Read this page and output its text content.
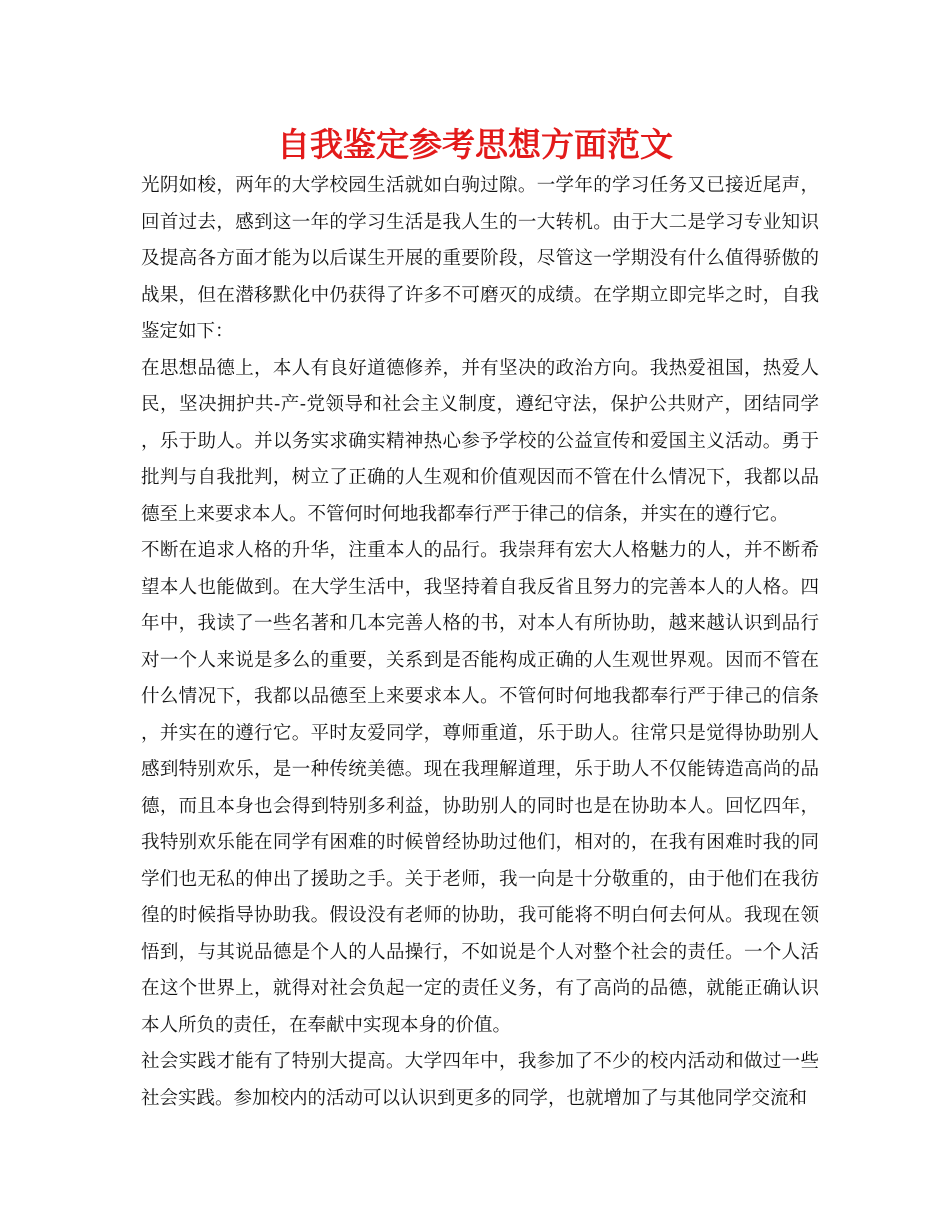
自我鉴定参考思想方面范文

光阴如梭，两年的大学校园生活就如白驹过隙。一学年的学习任务又已接近尾声，回首过去，感到这一年的学习生活是我人生的一大转机。由于大二是学习专业知识及提高各方面才能为以后谋生开展的重要阶段，尽管这一学期没有什么值得骄傲的战果，但在潜移默化中仍获得了许多不可磨灭的成绩。在学期立即完毕之时，自我鉴定如下：

在思想品德上，本人有良好道德修养，并有坚决的政治方向。我热爱祖国，热爱人民，坚决拥护共-产-党领导和社会主义制度，遵纪守法，保护公共财产，团结同学，乐于助人。并以务实求确实精神热心参予学校的公益宣传和爱国主义活动。勇于批判与自我批判，树立了正确的人生观和价值观因而不管在什么情况下，我都以品德至上来要求本人。不管何时何地我都奉行严于律己的信条，并实在的遵行它。

不断在追求人格的升华，注重本人的品行。我崇拜有宏大人格魅力的人，并不断希望本人也能做到。在大学生活中，我坚持着自我反省且努力的完善本人的人格。四年中，我读了一些名著和几本完善人格的书，对本人有所协助，越来越认识到品行对一个人来说是多么的重要，关系到是否能构成正确的人生观世界观。因而不管在什么情况下，我都以品德至上来要求本人。不管何时何地我都奉行严于律己的信条，并实在的遵行它。平时友爱同学，尊师重道，乐于助人。往常只是觉得协助别人感到特别欢乐，是一种传统美德。现在我理解道理，乐于助人不仅能铸造高尚的品德，而且本身也会得到特别多利益，协助别人的同时也是在协助本人。回忆四年，我特别欢乐能在同学有困难的时候曾经协助过他们，相对的，在我有困难时我的同学们也无私的伸出了援助之手。关于老师，我一向是十分敬重的，由于他们在我彷徨的时候指导协助我。假设没有老师的协助，我可能将不明白何去何从。我现在领悟到，与其说品德是个人的人品操行，不如说是个人对整个社会的责任。一个人活在这个世界上，就得对社会负起一定的责任义务，有了高尚的品德，就能正确认识本人所负的责任，在奉献中实现本身的价值。

社会实践才能有了特别大提高。大学四年中，我参加了不少的校内活动和做过一些社会实践。参加校内的活动可以认识到更多的同学，也就增加了与其他同学交流和
